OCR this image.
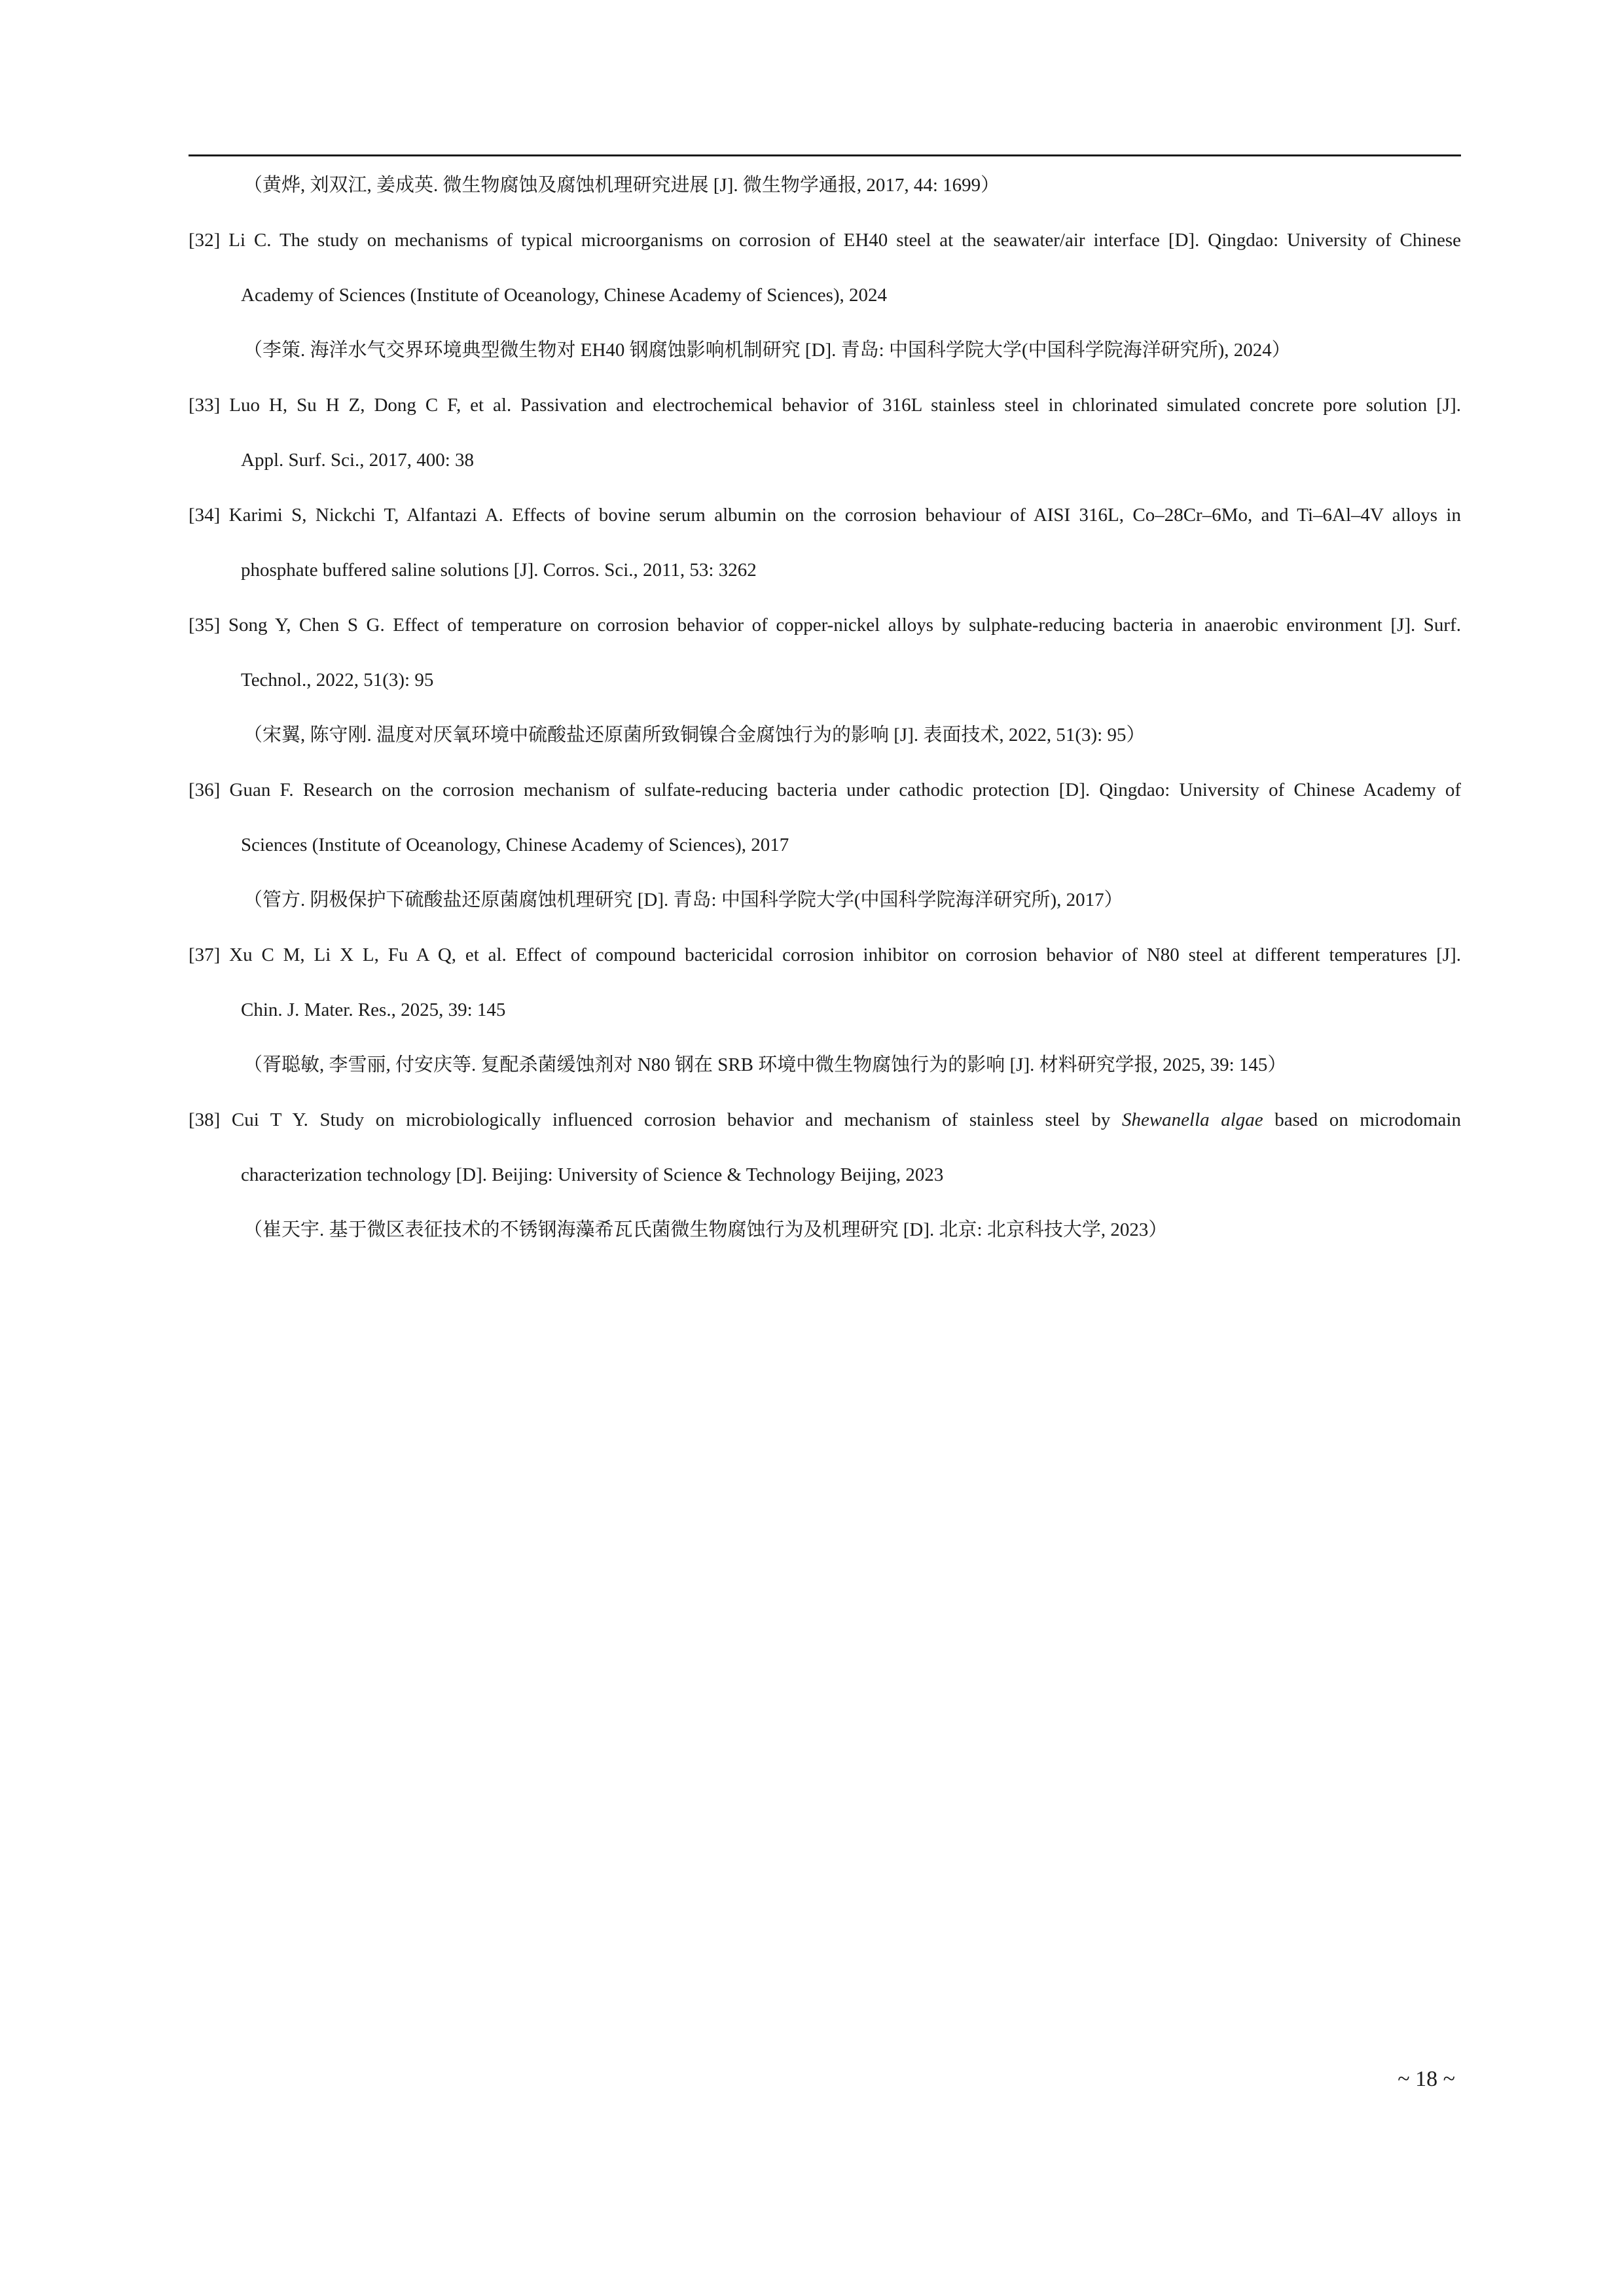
（黄烨, 刘双江, 姜成英. 微生物腐蚀及腐蚀机理研究进展 [J]. 微生物学通报, 2017, 44: 1699）
[32] Li C. The study on mechanisms of typical microorganisms on corrosion of EH40 steel at the seawater/air interface [D]. Qingdao: University of Chinese
Academy of Sciences (Institute of Oceanology, Chinese Academy of Sciences), 2024
（李策. 海洋水气交界环境典型微生物对 EH40 钢腐蚀影响机制研究 [D]. 青岛: 中国科学院大学(中国科学院海洋研究所), 2024）
[33] Luo H, Su H Z, Dong C F, et al. Passivation and electrochemical behavior of 316L stainless steel in chlorinated simulated concrete pore solution [J].
Appl. Surf. Sci., 2017, 400: 38
[34] Karimi S, Nickchi T, Alfantazi A. Effects of bovine serum albumin on the corrosion behaviour of AISI 316L, Co–28Cr–6Mo, and Ti–6Al–4V alloys in
phosphate buffered saline solutions [J]. Corros. Sci., 2011, 53: 3262
[35] Song Y, Chen S G. Effect of temperature on corrosion behavior of copper-nickel alloys by sulphate-reducing bacteria in anaerobic environment [J]. Surf.
Technol., 2022, 51(3): 95
（宋翼, 陈守刚. 温度对厌氧环境中硫酸盐还原菌所致铜镍合金腐蚀行为的影响 [J]. 表面技术, 2022, 51(3): 95）
[36] Guan F. Research on the corrosion mechanism of sulfate-reducing bacteria under cathodic protection [D]. Qingdao: University of Chinese Academy of
Sciences (Institute of Oceanology, Chinese Academy of Sciences), 2017
（管方. 阴极保护下硫酸盐还原菌腐蚀机理研究 [D]. 青岛: 中国科学院大学(中国科学院海洋研究所), 2017）
[37] Xu C M, Li X L, Fu A Q, et al. Effect of compound bactericidal corrosion inhibitor on corrosion behavior of N80 steel at different temperatures [J].
Chin. J. Mater. Res., 2025, 39: 145
（胥聪敏, 李雪丽, 付安庆等. 复配杀菌缓蚀剂对 N80 钢在 SRB 环境中微生物腐蚀行为的影响 [J]. 材料研究学报, 2025, 39: 145）
[38] Cui T Y. Study on microbiologically influenced corrosion behavior and mechanism of stainless steel by Shewanella algae based on microdomain
characterization technology [D]. Beijing: University of Science & Technology Beijing, 2023
（崔天宇. 基于微区表征技术的不锈钢海藻希瓦氏菌微生物腐蚀行为及机理研究 [D]. 北京: 北京科技大学, 2023）
~ 18 ~
